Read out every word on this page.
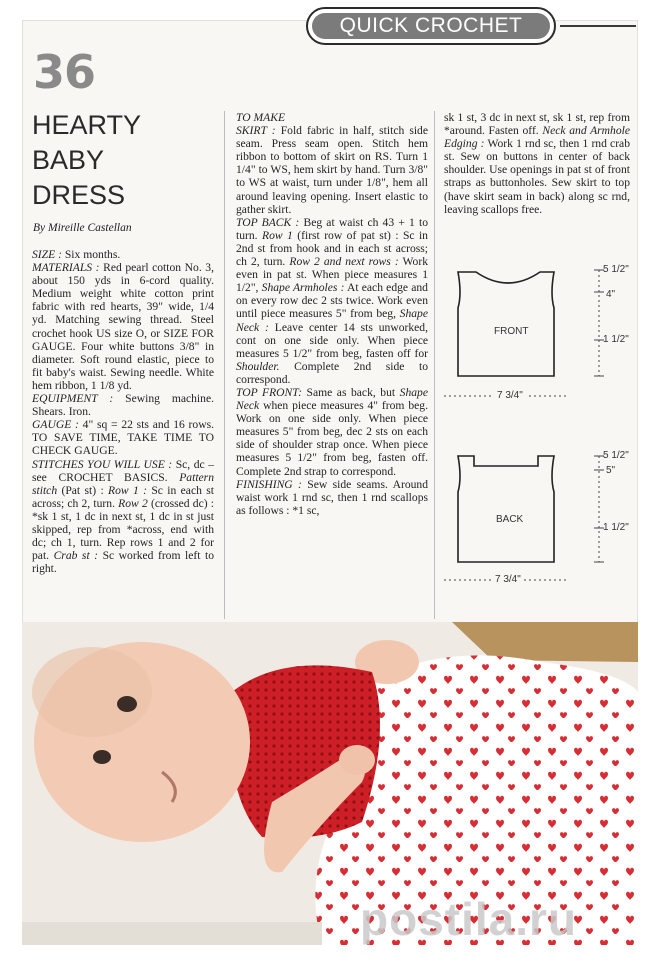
QUICK CROCHET
36
HEARTY
BABY
DRESS
By Mireille Castellan

SIZE : Six months.

MATERIALS : Red pearl cotton No. 3, about 150 yds in 6-cord quality. Medium weight white cotton print fabric with red hearts, 39" wide, 1/4 yd. Matching sewing thread. Steel crochet hook US size O, or SIZE FOR GAUGE. Four white buttons 3/8" in diameter. Soft round elastic, piece to fit baby's waist. Sewing needle. White hem ribbon, 1 1/8 yd.

EQUIPMENT : Sewing machine. Shears. Iron.

GAUGE : 4" sq = 22 sts and 16 rows. TO SAVE TIME, TAKE TIME TO CHECK GAUGE.

STITCHES YOU WILL USE : Sc, dc – see CROCHET BASICS. Pattern stitch (Pat st) : Row 1 : Sc in each st across; ch 2, turn. Row 2 (crossed dc) : *sk 1 st, 1 dc in next st, 1 dc in st just skipped, rep from *across, end with dc; ch 1, turn. Rep rows 1 and 2 for pat. Crab st : Sc worked from left to right.

TO MAKE

SKIRT : Fold fabric in half, stitch side seam. Press seam open. Stitch hem ribbon to bottom of skirt on RS. Turn 1 1/4" to WS, hem skirt by hand. Turn 3/8" to WS at waist, turn under 1/8", hem all around leaving opening. Insert elastic to gather skirt.

TOP BACK : Beg at waist ch 43 + 1 to turn. Row 1 (first row of pat st) : Sc in 2nd st from hook and in each st across; ch 2, turn. Row 2 and next rows : Work even in pat st. When piece measures 1 1/2", Shape Armholes : At each edge and on every row dec 2 sts twice. Work even until piece measures 5" from beg, Shape Neck : Leave center 14 sts unworked, cont on one side only. When piece measures 5 1/2" from beg, fasten off for Shoulder. Complete 2nd side to correspond.

TOP FRONT: Same as back, but Shape Neck when piece measures 4" from beg. Work on one side only. When piece measures 5" from beg, dec 2 sts on each side of shoulder strap once. When piece measures 5 1/2" from beg, fasten off. Complete 2nd strap to correspond.

FINISHING : Sew side seams. Around waist work 1 rnd sc, then 1 rnd scallops as follows : *1 sc,

sk 1 st, 3 dc in next st, sk 1 st, rep from *around. Fasten off. Neck and Armhole Edging : Work 1 rnd sc, then 1 rnd crab st. Sew on buttons in center of back shoulder. Use openings in pat st of front straps as buttonholes. Sew skirt to top (have skirt seam in back) along sc rnd, leaving scallops free.

FRONT
5 1/2"
4"
1 1/2"
7 3/4"
BACK
5 1/2"
5"
1 1/2"
7 3/4"
postila.ru
